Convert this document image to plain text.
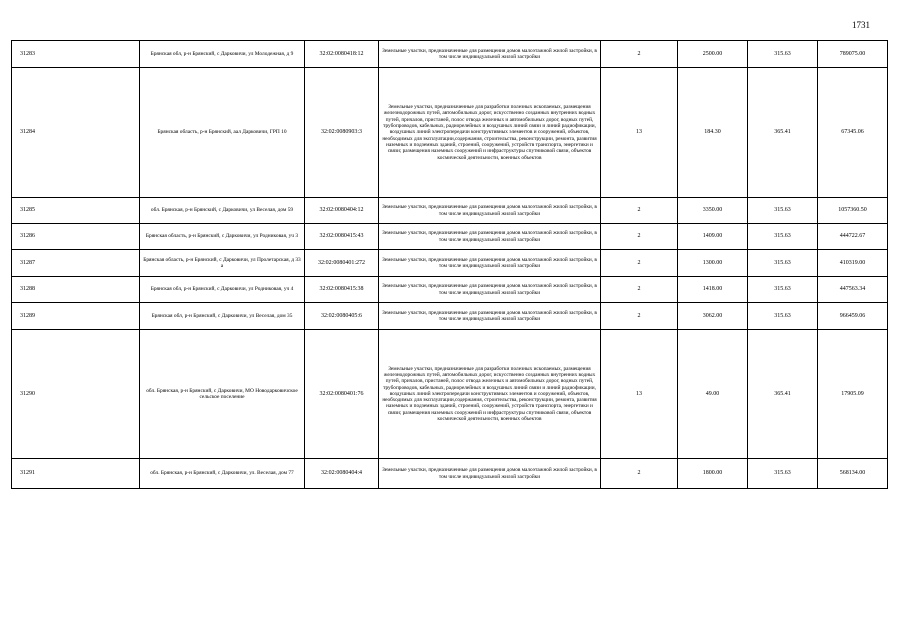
1731
31283	Брянская обл, р-н Брянский, с Дарковичи, ул Молодежная, д 9	32:02:0080418:12	Земельные участки, предназначенные для размещения домов малоэтажной жилой застройки, в том числе индивидуальной жилой застройки	2	2500.00	315.63	789075.00
31284	Брянская область, р-н Брянский, аал Дарковичи, ГРП 10	32:02:0080903:3	Земельные участки, предназначенные для разработки полезных ископаемых, размещения железнодорожных путей, автомобильных дорог, искусственно созданных внутренних водных путей, причалов, пристаней, полос отвода железных и автомобильных дорог, водных путей, трубопроводов, кабельных, радиорелейных и воздушных линий связи и линий радиофикации, воздушных линий электропередачи конструктивных элементов и сооружений, объектов, необходимых для эксплуатации,содержания, строительства, реконструкции, ремонта, развития наземных и подземных зданий, строений, сооружений, устройств транспорта, энергетики и связи; размещения наземных сооружений и инфраструктуры спутниковой связи, объектов космической деятельности, военных объектов	13	184.30	365.41	67345.06
31285	обл. Брянская, р-н Брянский, с Дарковичи, ул Веселая, дом 59	32:02:0080404:12	Земельные участки, предназначенные для размещения домов малоэтажной жилой застройки, в том числе индивидуальной жилой застройки	2	3350.00	315.63	1057360.50
31286	Брянская область, р-н Брянский, с Дарковичи, ул Родниковая, уч 3	32:02:0080415:43	Земельные участки, предназначенные для размещения домов малоэтажной жилой застройки, в том числе индивидуальной жилой застройки	2	1409.00	315.63	444722.67
31287	Брянская область, р-н Брянский, с Дарковичи, ул Пролетарская, д 33 а	32:02:0080401:272	Земельные участки, предназначенные для размещения домов малоэтажной жилой застройки, в том числе индивидуальной жилой застройки	2	1300.00	315.63	410319.00
31288	Брянская обл, р-н Брянский, с Дарковичи, ул Родниковая, уч 4	32:02:0080415:38	Земельные участки, предназначенные для размещения домов малоэтажной жилой застройки, в том числе индивидуальной жилой застройки	2	1418.00	315.63	447563.34
31289	Брянская обл, р-н Брянский, с Дарковичи, ул Веселая, дом 35	32:02:0080405:6	Земельные участки, предназначенные для размещения домов малоэтажной жилой застройки, в том числе индивидуальной жилой застройки	2	3062.00	315.63	966459.06
31290	обл. Брянская, р-н Брянский, с Дарковичи, МО Новодарковичское сельское поселение	32:02:0080401:76	Земельные участки, предназначенные для разработки полезных ископаемых, размещения железнодорожных путей, автомобильных дорог, искусственно созданных внутренних водных путей, причалов, пристаней, полос отвода железных и автомобильных дорог, водных путей, трубопроводов, кабельных, радиорелейных и воздушных линий связи и линий радиофикации, воздушных линий электропередачи конструктивных элементов и сооружений, объектов, необходимых для эксплуатации,содержания, строительства, реконструкции, ремонта, развития наземных и подземных зданий, строений, сооружений, устройств транспорта, энергетики и связи; размещения наземных сооружений и инфраструктуры спутниковой связи, объектов космической деятельности, военных объектов	13	49.00	365.41	17905.09
31291	обл. Брянская, р-н Брянский, с Дарковичи, ул. Веселая, дом 77	32:02:0080404:4	Земельные участки, предназначенные для размещения домов малоэтажной жилой застройки, в том числе индивидуальной жилой застройки	2	1800.00	315.63	568134.00
